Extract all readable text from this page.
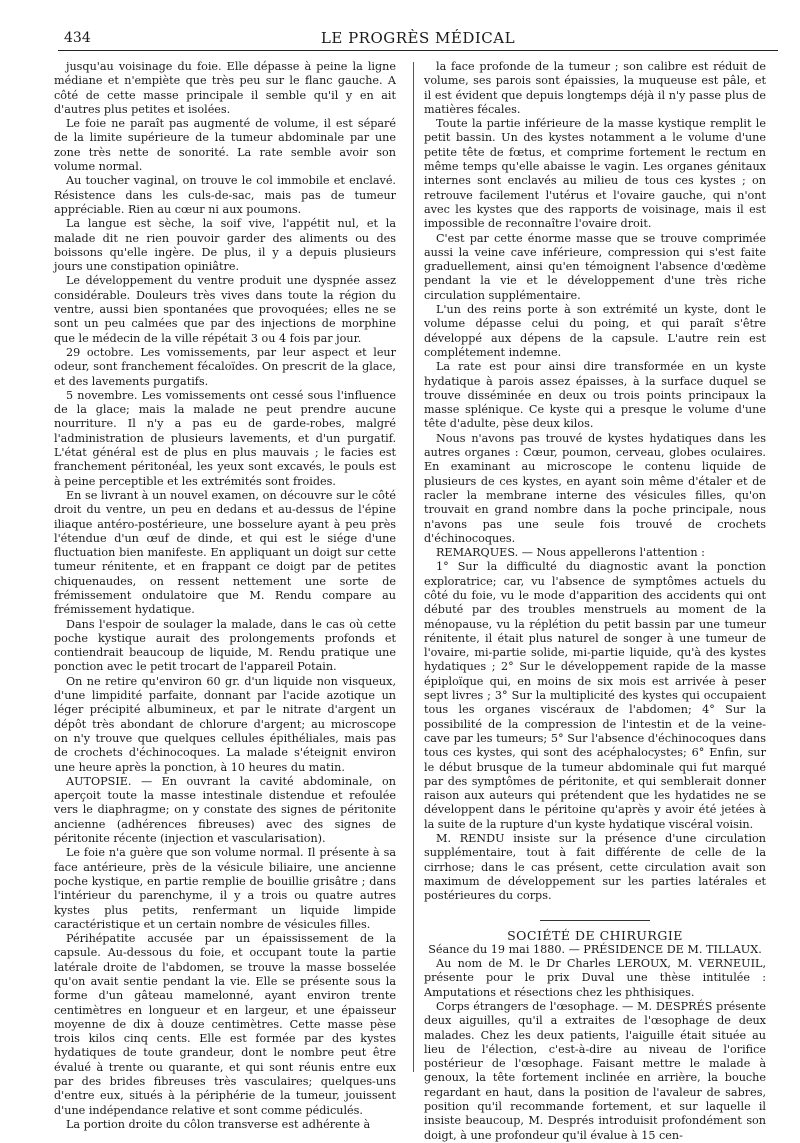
434	LE PROGRÈS MÉDICAL

jusqu'au voisinage du foie. Elle dépasse à peine la ligne médiane et n'empiète que très peu sur le flanc gauche. A côté de cette masse principale il semble qu'il y en ait d'autres plus petites et isolées.

Le foie ne paraît pas augmenté de volume, il est séparé de la limite supérieure de la tumeur abdominale par une zone très nette de sonorité. La rate semble avoir son volume normal.

Au toucher vaginal, on trouve le col immobile et enclavé. Résistence dans les culs-de-sac, mais pas de tumeur appréciable. Rien au cœur ni aux poumons.

La langue est sèche, la soif vive, l'appétit nul, et la malade dit ne rien pouvoir garder des aliments ou des boissons qu'elle ingère. De plus, il y a depuis plusieurs jours une constipation opiniâtre.

Le développement du ventre produit une dyspnée assez considérable. Douleurs très vives dans toute la région du ventre, aussi bien spontanées que provoquées; elles ne se sont un peu calmées que par des injections de morphine que le médecin de la ville répétait 3 ou 4 fois par jour.

29 octobre. Les vomissements, par leur aspect et leur odeur, sont franchement fécaloïdes. On prescrit de la glace, et des lavements purgatifs.

5 novembre. Les vomissements ont cessé sous l'influence de la glace; mais la malade ne peut prendre aucune nourriture. Il n'y a pas eu de garde-robes, malgré l'administration de plusieurs lavements, et d'un purgatif. L'état général est de plus en plus mauvais ; le facies est franchement péritonéal, les yeux sont excavés, le pouls est à peine perceptible et les extrémités sont froides.

En se livrant à un nouvel examen, on découvre sur le côté droit du ventre, un peu en dedans et au-dessus de l'épine iliaque antéro-postérieure, une bosselure ayant à peu près l'étendue d'un œuf de dinde, et qui est le siége d'une fluctuation bien manifeste. En appliquant un doigt sur cette tumeur rénitente, et en frappant ce doigt par de petites chiquenaudes, on ressent nettement une sorte de frémissement ondulatoire que M. Rendu compare au frémissement hydatique.

Dans l'espoir de soulager la malade, dans le cas où cette poche kystique aurait des prolongements profonds et contiendrait beaucoup de liquide, M. Rendu pratique une ponction avec le petit trocart de l'appareil Potain.

On ne retire qu'environ 60 gr. d'un liquide non visqueux, d'une limpidité parfaite, donnant par l'acide azotique un léger précipité albumineux, et par le nitrate d'argent un dépôt très abondant de chlorure d'argent; au microscope on n'y trouve que quelques cellules épithéliales, mais pas de crochets d'échinocoques. La malade s'éteignit environ une heure après la ponction, à 10 heures du matin.

AUTOPSIE. — En ouvrant la cavité abdominale, on aperçoit toute la masse intestinale distendue et refoulée vers le diaphragme; on y constate des signes de péritonite ancienne (adhérences fibreuses) avec des signes de péritonite récente (injection et vascularisation).

Le foie n'a guère que son volume normal. Il présente à sa face antérieure, près de la vésicule biliaire, une ancienne poche kystique, en partie remplie de bouillie grisâtre ; dans l'intérieur du parenchyme, il y a trois ou quatre autres kystes plus petits, renfermant un liquide limpide caractéristique et un certain nombre de vésicules filles.

Périhépatite accusée par un épaississement de la capsule. Au-dessous du foie, et occupant toute la partie latérale droite de l'abdomen, se trouve la masse bosselée qu'on avait sentie pendant la vie. Elle se présente sous la forme d'un gâteau mamelonné, ayant environ trente centimètres en longueur et en largeur, et une épaisseur moyenne de dix à douze centimètres. Cette masse pèse trois kilos cinq cents. Elle est formée par des kystes hydatiques de toute grandeur, dont le nombre peut être évalué à trente ou quarante, et qui sont réunis entre eux par des brides fibreuses très vasculaires; quelques-uns d'entre eux, situés à la périphérie de la tumeur, jouissent d'une indépendance relative et sont comme pédiculés.

La portion droite du côlon transverse est adhérente à

la face profonde de la tumeur ; son calibre est réduit de volume, ses parois sont épaissies, la muqueuse est pâle, et il est évident que depuis longtemps déjà il n'y passe plus de matières fécales.

Toute la partie inférieure de la masse kystique remplit le petit bassin. Un des kystes notamment a le volume d'une petite tête de fœtus, et comprime fortement le rectum en même temps qu'elle abaisse le vagin. Les organes génitaux internes sont enclavés au milieu de tous ces kystes ; on retrouve facilement l'utérus et l'ovaire gauche, qui n'ont avec les kystes que des rapports de voisinage, mais il est impossible de reconnaître l'ovaire droit.

C'est par cette énorme masse que se trouve comprimée aussi la veine cave inférieure, compression qui s'est faite graduellement, ainsi qu'en témoignent l'absence d'œdème pendant la vie et le développement d'une très riche circulation supplémentaire.

L'un des reins porte à son extrémité un kyste, dont le volume dépasse celui du poing, et qui paraît s'être développé aux dépens de la capsule. L'autre rein est complétement indemne.

La rate est pour ainsi dire transformée en un kyste hydatique à parois assez épaisses, à la surface duquel se trouve disséminée en deux ou trois points principaux la masse splénique. Ce kyste qui a presque le volume d'une tête d'adulte, pèse deux kilos.

Nous n'avons pas trouvé de kystes hydatiques dans les autres organes : Cœur, poumon, cerveau, globes oculaires. En examinant au microscope le contenu liquide de plusieurs de ces kystes, en ayant soin même d'étaler et de racler la membrane interne des vésicules filles, qu'on trouvait en grand nombre dans la poche principale, nous n'avons pas une seule fois trouvé de crochets d'échinocoques.

REMARQUES. — Nous appellerons l'attention :

1° Sur la difficulté du diagnostic avant la ponction exploratrice; car, vu l'absence de symptômes actuels du côté du foie, vu le mode d'apparition des accidents qui ont débuté par des troubles menstruels au moment de la ménopause, vu la réplétion du petit bassin par une tumeur rénitente, il était plus naturel de songer à une tumeur de l'ovaire, mi-partie solide, mi-partie liquide, qu'à des kystes hydatiques ; 2° Sur le développement rapide de la masse épiploïque qui, en moins de six mois est arrivée à peser sept livres ; 3° Sur la multiplicité des kystes qui occupaient tous les organes viscéraux de l'abdomen; 4° Sur la possibilité de la compression de l'intestin et de la veine-cave par les tumeurs; 5° Sur l'absence d'échinocoques dans tous ces kystes, qui sont des acéphalocystes; 6° Enfin, sur le début brusque de la tumeur abdominale qui fut marqué par des symptômes de péritonite, et qui semblerait donner raison aux auteurs qui prétendent que les hydatides ne se développent dans le péritoine qu'après y avoir été jetées à la suite de la rupture d'un kyste hydatique viscéral voisin.

M. RENDU insiste sur la présence d'une circulation supplémentaire, tout à fait différente de celle de la cirrhose; dans le cas présent, cette circulation avait son maximum de développement sur les parties latérales et postérieures du corps.

SOCIÉTÉ DE CHIRURGIE

Séance du 19 mai 1880. — PRÉSIDENCE DE M. TILLAUX.

Au nom de M. le Dr Charles LEROUX, M. VERNEUIL, présente pour le prix Duval une thèse intitulée : Amputations et résections chez les phthisiques.

Corps étrangers de l'œsophage. — M. DESPRÉS présente deux aiguilles, qu'il a extraites de l'œsophage de deux malades. Chez les deux patients, l'aiguille était située au lieu de l'élection, c'est-à-dire au niveau de l'orifice postérieur de l'œsophage. Faisant mettre le malade à genoux, la tête fortement inclinée en arrière, la bouche regardant en haut, dans la position de l'avaleur de sabres, position qu'il recommande fortement, et sur laquelle il insiste beaucoup, M. Després introduisit profondément son doigt, à une profondeur qu'il évalue à 15 cen-
